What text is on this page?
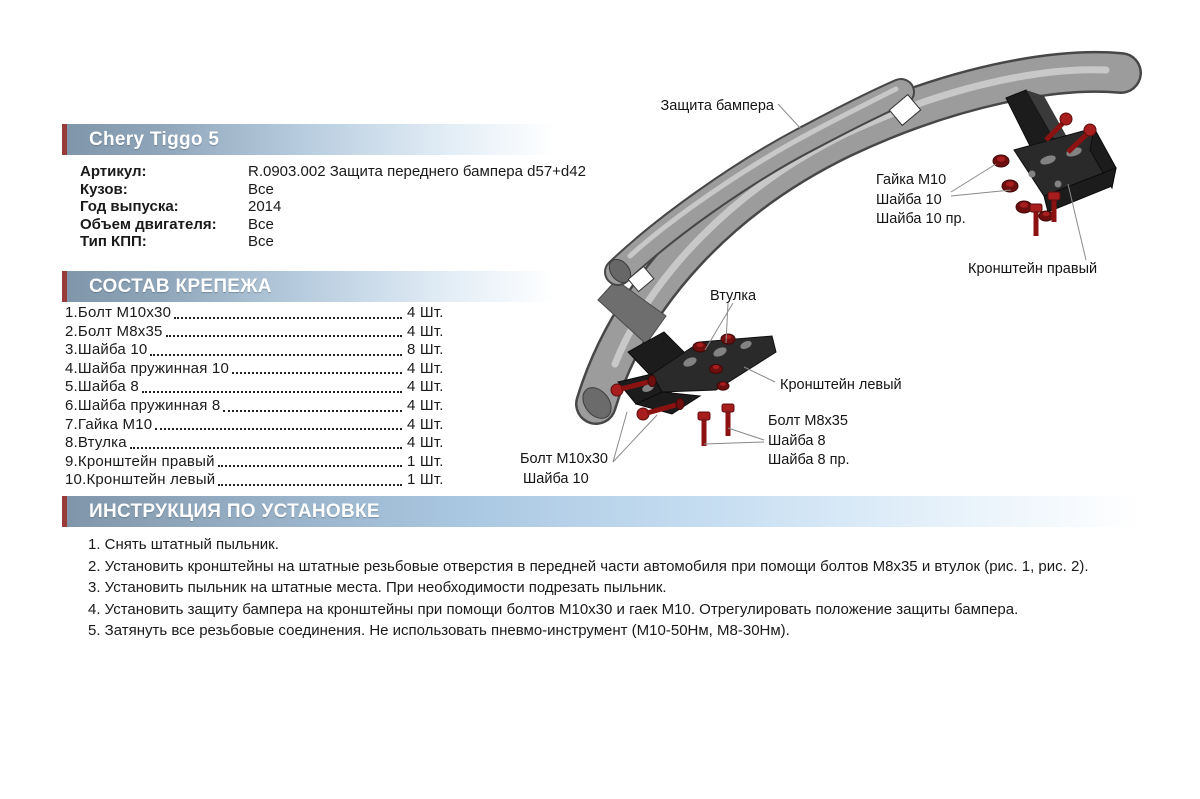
Chery Tiggo 5
Артикул:	R.0903.002 Защита переднего бампера d57+d42
Кузов:	Все
Год выпуска:	2014
Объем двигателя:	Все
Тип КПП:	Все
СОСТАВ КРЕПЕЖА
1.Болт М10х30	4 Шт.
2.Болт М8х35	4 Шт.
3.Шайба 10	8 Шт.
4.Шайба пружинная 10	4 Шт.
5.Шайба 8	4 Шт.
6.Шайба пружинная 8	4 Шт.
7.Гайка М10	4 Шт.
8.Втулка	4 Шт.
9.Кронштейн правый	1 Шт.
10.Кронштейн левый	1 Шт.
ИНСТРУКЦИЯ ПО УСТАНОВКЕ

1. Снять штатный пыльник.

2. Установить кронштейны на штатные резьбовые отверстия в передней части автомобиля при помощи болтов М8х35 и втулок (рис. 1, рис. 2).

3. Установить пыльник на штатные места. При необходимости подрезать пыльник.

4. Установить защиту бампера на кронштейны при помощи болтов М10х30 и гаек М10. Отрегулировать положение защиты бампера.

5. Затянуть все резьбовые соединения. Не использовать пневмо-инструмент (М10-50Нм, М8-30Нм).

Защита бампера
Гайка М10
Шайба 10
Шайба 10 пр.
Кронштейн правый
Втулка
Кронштейн левый
Болт М8х35
Шайба 8
Шайба 8 пр.
Болт М10х30
Шайба 10
